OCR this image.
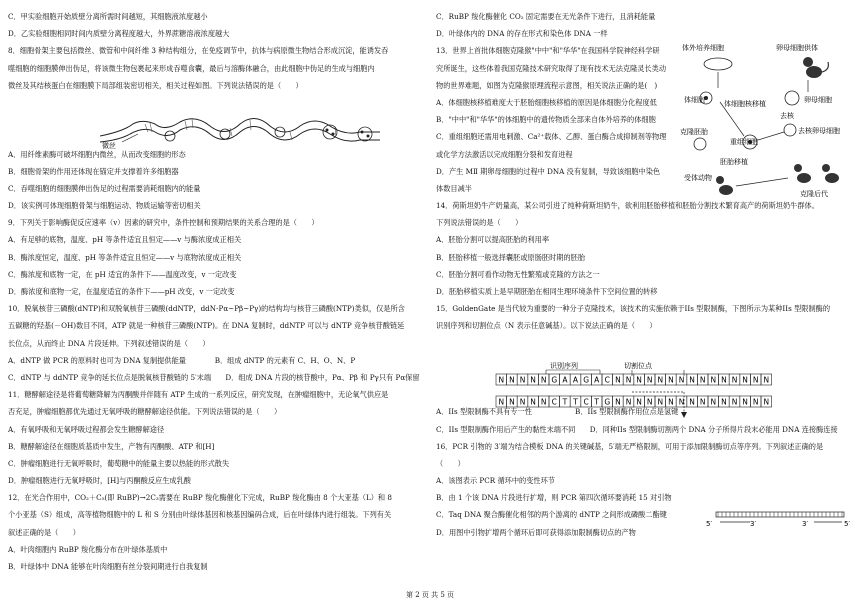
C．甲实验细胞开始质壁分离所需时间越短，其细胞液浓度越小
D．乙实验细胞相同时间内质壁分离程度越大，外界蔗糖溶液浓度越大
8．细胞骨架主要包括微丝、微管和中间纤维 3 种结构组分，在免疫调节中，抗体与病原微生物结合形成沉淀，能诱发吞
噬细胞的细胞膜伸出伪足，将该微生物包裹起来形成吞噬食囊，最后与溶酶体融合，由此细胞中伪足的生成与细胞内
微丝及其结核蛋白在细胞膜下局部组装密切相关，相关过程如图。下列说法错误的是（　　）
A．用纤维素酶可破坏细胞内微丝，从而改变细胞的形态
B．细胞骨架的作用还体现在锚定并支撑着许多细胞器
C．吞噬细胞的细胞膜伸出伪足的过程需要消耗细胞内的能量
D．该实例可体现细胞骨架与细胞运动、物质运输等密切相关
9．下列关于影响酶促反应速率（v）因素的研究中，条件控制和预期结果的关系合理的是（　　）
A．有足够的底物，温度、pH 等条件适宜且恒定——v 与酶浓度成正相关
B．酶浓度恒定，温度、pH 等条件适宜且恒定——v 与底物浓度成正相关
C．酶浓度和底物一定，在 pH 适宜的条件下——温度改变，v 一定改变
D．酶浓度和底物一定，在温度适宜的条件下——pH 改变，v 一定改变
10．脱氧核苷三磷酸(dNTP)和双脱氧核苷三磷酸(ddNTP，ddN-Pα~Pβ~Pγ)的结构均与核苷三磷酸(NTP)类似，仅是所含
五碳糖的羟基(－OH)数目不同，ATP 就是一种核苷三磷酸(NTP)。在 DNA 复制时，ddNTP 可以与 dNTP 竞争核苷酸链延
长位点，从而终止 DNA 片段延伸。下列叙述错误的是（　　）
A．dNTP 做 PCR 的原料时也可为 DNA 复制提供能量　　　　B．组成 dNTP 的元素有 C、H、O、N、P
C．dNTP 与 ddNTP 竞争的延长位点是脱氧核苷酸链的 5′末端　　D．组成 DNA 片段的核苷酸中，Pα、Pβ 和 Pγ只有 Pα保留
11．糖酵解途径是将葡萄糖降解为丙酮酸并伴随有 ATP 生成的一系列反应，研究发现，在肿瘤细胞中，无论氧气供应是
否充足，肿瘤细胞都优先通过无氧呼吸的糖酵解途径供能。下列说法错误的是（　　）
A．有氧呼吸和无氧呼吸过程都会发生糖酵解途径
B．糖酵解途径在细胞质基质中发生，产物有丙酮酸、ATP 和[H]
C．肿瘤细胞进行无氧呼吸时，葡萄糖中的能量主要以热能的形式散失
D．肿瘤细胞进行无氧呼吸时，[H]与丙酮酸反应生成乳酸
12．在光合作用中，CO₂＋C₅(即 RuBP)→2C₃需要在 RuBP 羧化酶催化下完成，RuBP 羧化酶由 8 个大亚基（L）和 8
个小亚基（S）组成，高等植物细胞中的 L 和 S 分别由叶绿体基因和核基因编码合成，后在叶绿体内进行组装。下列有关
叙述正确的是（　　）
A．叶肉细胞内 RuBP 羧化酶分布在叶绿体基质中
B．叶绿体中 DNA 能够在叶肉细胞有丝分裂间期进行自我复制
C．RuBP 羧化酶催化 CO₂ 固定需要在无光条件下进行，且消耗能量
D．叶绿体内的 DNA 的存在形式和染色体 DNA 一样
13．世界上首批体细胞克隆猴"中中"和"华华"在我国科学院神经科学研
究所诞生，这些体着我国克隆技术研究取得了现有技术无法克隆灵长类动
物的世界难题，如图为克隆猴原理流程示意图，相关说法正确的是(　)
A．体细胞核移植难度大于胚胎细胞核移植的原因是体细胞分化程度低
B．"中中"和"华华"的体细胞中的遗传物质全部来自体外培养的体细胞
C．重组细胞还需用电刺激、Ca²⁺载体、乙醇、蛋白酶合成抑制剂等物理
或化学方法激活以完成细胞分裂和发育进程
D．产生 MⅡ 期卵母细胞的过程中 DNA 没有复制，导致该细胞中染色
体数目减半
14．荷斯坦奶牛产奶量高，某公司引进了纯种荷斯坦奶牛，欲利用胚胎移植和胚胎分割技术繁育高产的荷斯坦奶牛群体。
下列说法错误的是（　　）
A．胚胎分割可以提高胚胎的利用率
B．胚胎移植一般选择囊胚或原肠胚时期的胚胎
C．胚胎分割可看作动物无性繁殖或克隆的方法之一
D．胚胎移植实质上是早期胚胎在相同生理环境条件下空间位置的转移
15．GoldenGate 是当代较为重要的一种分子克隆技术，该技术的实施依赖于IIs 型限制酶，下图所示为某种IIs 型限制酶的
识别序列和切割位点（N 表示任意碱基）。以下说法正确的是（　　）
A．IIs 型限制酶不具有专一性　　　　　　B．IIs 型限制酶作用位点是氢键
C．IIs 型限制酶作用后产生的黏性末端不同　　D．同种IIs 型限制酶切割两个 DNA 分子所得片段末必能用 DNA 连接酶连接
16．PCR 引物的 3′端为结合模板 DNA 的关键碱基，5′端无严格限制，可用于添加限制酶切点等序列。下列叙述正确的是
（　　）
A．该图表示 PCR 循环中的变性环节
B．由 1 个该 DNA 片段进行扩增，则 PCR 第四次循环要消耗 15 对引物
C．Taq DNA 聚合酶催化相邻的两个游离的 dNTP 之间形成磷酸二酯键
D．用图中引物扩增两个循环后即可获得添加限制酶切点的产物
微丝
体外培养细胞	卵母细胞供体
体细胞	卵母细胞
体细胞核移植
去核
去核卵母细胞
重组细胞
克隆胚胎
胚胎移植
受体动物
克隆后代
识别序列	切割位点
N N N N N G A A G A C N N N N N N N N N N N N N N N
N N N N N C T T C T G N N N N N N N N N N N N N N N
5′	3′	3′	5′
第 2 页 共 5 页
